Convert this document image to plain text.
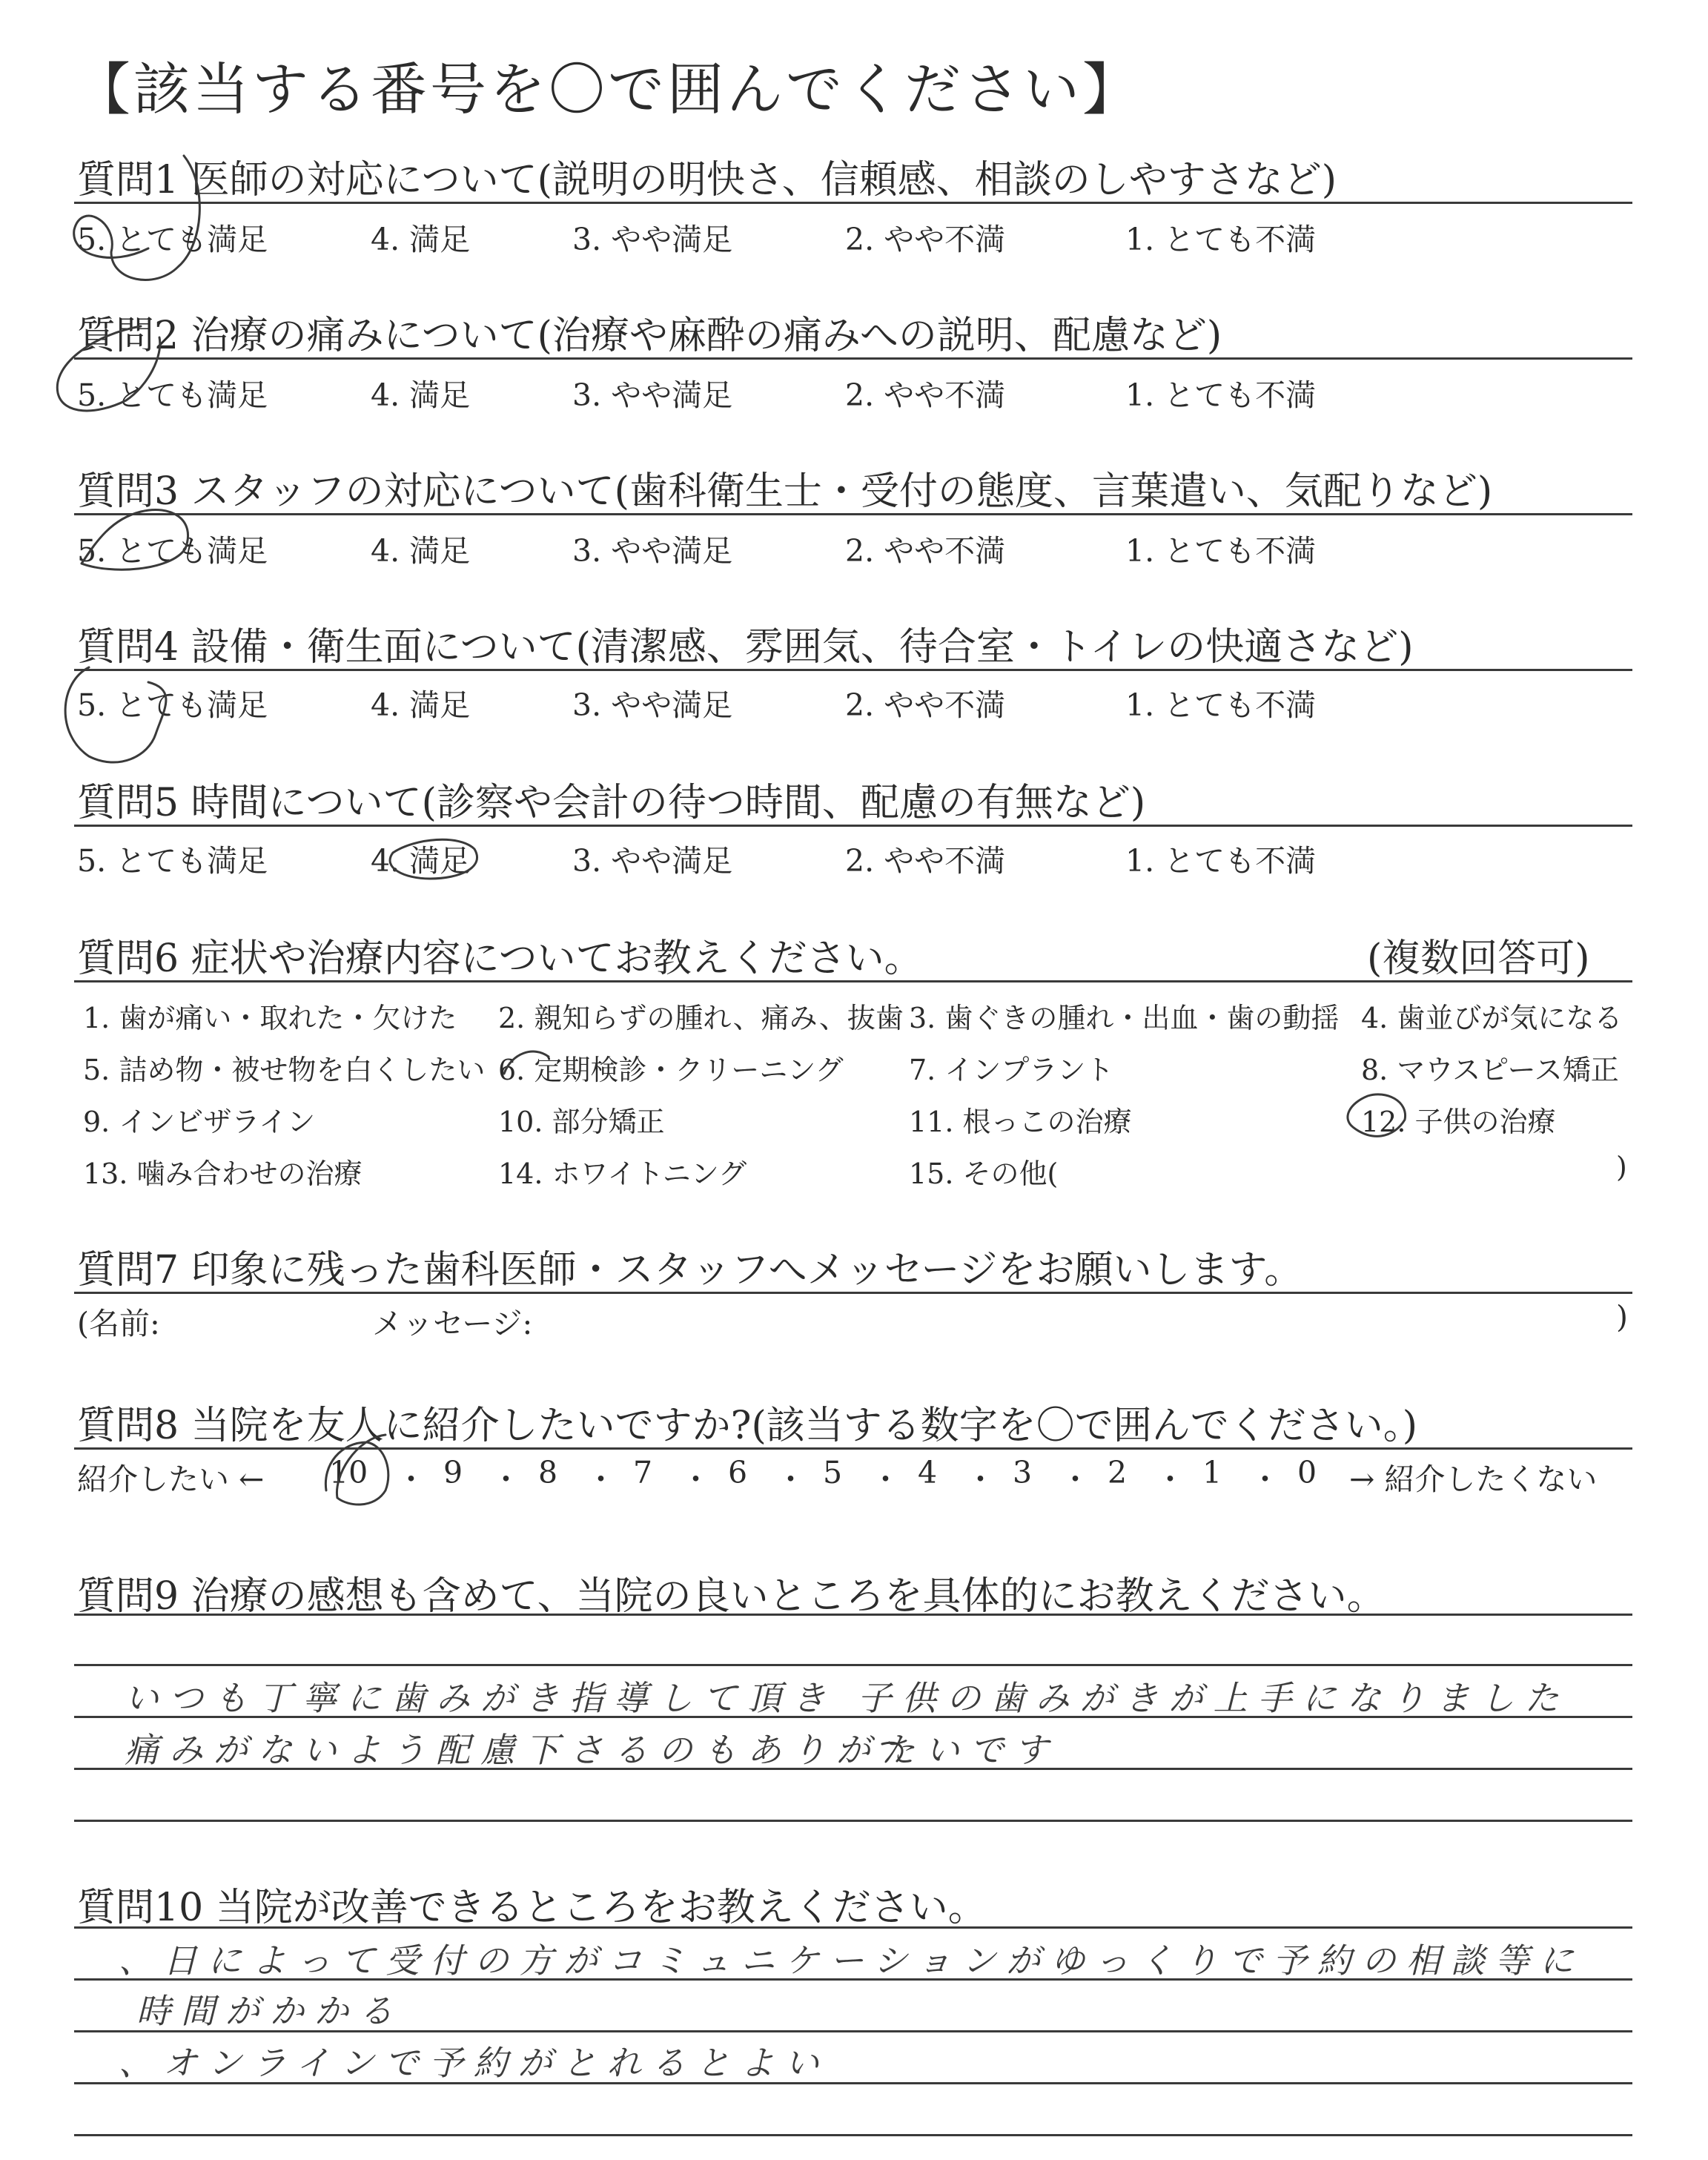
【該当する番号を〇で囲んでください】
質問1 医師の対応について(説明の明快さ、信頼感、相談のしやすさなど)
5. とても満足	4. 満足	3. やや満足	2. やや不満	1. とても不満
質問2 治療の痛みについて(治療や麻酔の痛みへの説明、配慮など)
5. とても満足	4. 満足	3. やや満足	2. やや不満	1. とても不満
質問3 スタッフの対応について(歯科衛生士・受付の態度、言葉遣い、気配りなど)
5. とても満足	4. 満足	3. やや満足	2. やや不満	1. とても不満
質問4 設備・衛生面について(清潔感、雰囲気、待合室・トイレの快適さなど)
5. とても満足	4. 満足	3. やや満足	2. やや不満	1. とても不満
質問5 時間について(診察や会計の待つ時間、配慮の有無など)
5. とても満足	4. 満足	3. やや満足	2. やや不満	1. とても不満
質問6 症状や治療内容についてお教えください。	(複数回答可)
1. 歯が痛い・取れた・欠けた 2. 親知らずの腫れ、痛み、抜歯 3. 歯ぐきの腫れ・出血・歯の動揺 4. 歯並びが気になる
5. 詰め物・被せ物を白くしたい 6. 定期検診・クリーニング 7. インプラント	8. マウスピース矯正
9. インビザライン	10. 部分矯正	11. 根っこの治療	12. 子供の治療
13. 噛み合わせの治療	14. ホワイトニング	15. その他(	)
質問7 印象に残った歯科医師・スタッフへメッセージをお願いします。
(名前:	メッセージ:	)
質問8 当院を友人に紹介したいですか?(該当する数字を〇で囲んでください。)
紹介したい ← 10 ・ 9 ・ 8 ・ 7 ・ 6 ・ 5 ・ 4 ・ 3 ・ 2 ・ 1 ・ 0 → 紹介したくない
質問9 治療の感想も含めて、当院の良いところを具体的にお教えください。
いつも丁寧に歯みがき指導して頂き 子供の歯みがきが上手になりました
痛みがないよう配慮下さるのもありがたいです
質問10 当院が改善できるところをお教えください。
、日によって受付の方がコミュニケーションがゆっくりで予約の相談等に
時間がかかる
、オンラインで予約がとれるとよい
